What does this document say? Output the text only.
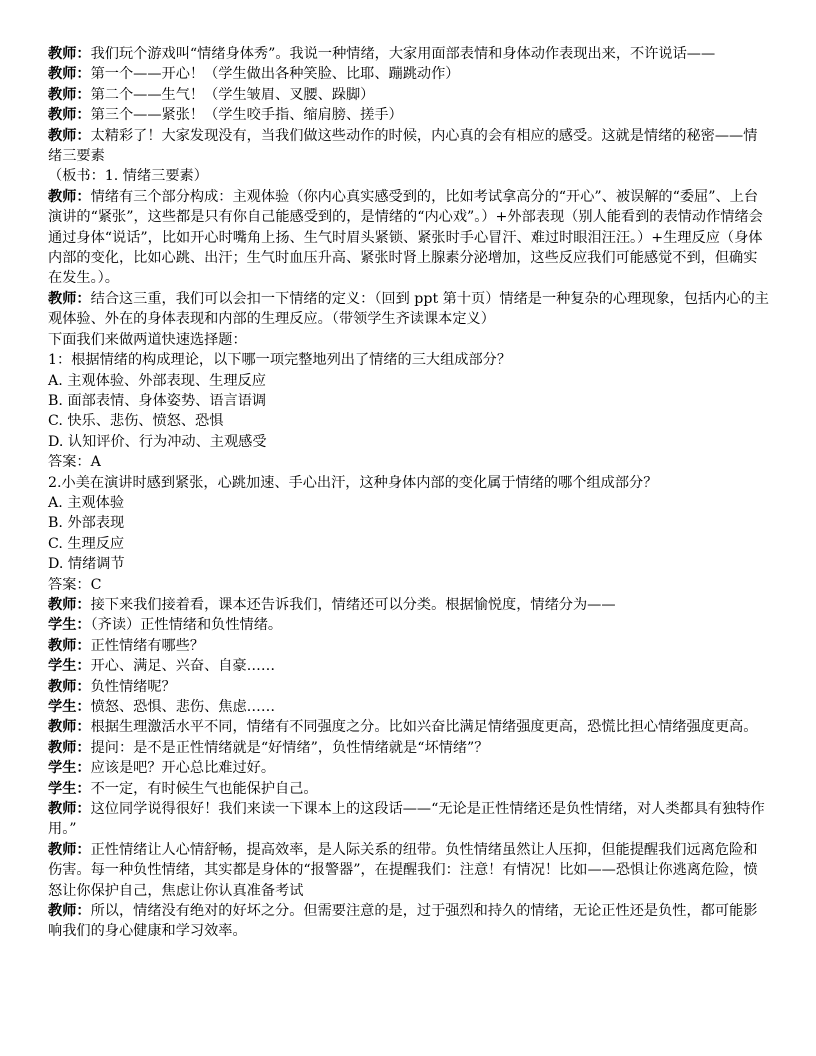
教师：我们玩个游戏叫“情绪身体秀”。我说一种情绪，大家用面部表情和身体动作表现出来，不许说话——

教师：第一个——开心！（学生做出各种笑脸、比耶、蹦跳动作）

教师：第二个——生气！（学生皱眉、叉腰、跺脚）

教师：第三个——紧张！（学生咬手指、缩肩膀、搓手）

教师：太精彩了！大家发现没有，当我们做这些动作的时候，内心真的会有相应的感受。这就是情绪的秘密——情绪三要素

（板书：1. 情绪三要素）

教师：情绪有三个部分构成：主观体验（你内心真实感受到的，比如考试拿高分的“开心”、被误解的“委屈”、上台演讲的“紧张”，这些都是只有你自己能感受到的，是情绪的“内心戏”。）+外部表现（别人能看到的表情动作情绪会通过身体“说话”，比如开心时嘴角上扬、生气时眉头紧锁、紧张时手心冒汗、难过时眼泪汪汪。）+生理反应（身体内部的变化，比如心跳、出汗；生气时血压升高、紧张时肾上腺素分泌增加，这些反应我们可能感觉不到，但确实在发生。）。

教师：结合这三重，我们可以会扣一下情绪的定义：（回到 ppt 第十页）情绪是一种复杂的心理现象，包括内心的主观体验、外在的身体表现和内部的生理反应。（带领学生齐读课本定义）

下面我们来做两道快速选择题：

1：根据情绪的构成理论，以下哪一项完整地列出了情绪的三大组成部分？

A. 主观体验、外部表现、生理反应

B. 面部表情、身体姿势、语言语调

C. 快乐、悲伤、愤怒、恐惧

D. 认知评价、行为冲动、主观感受

答案：A

2.小美在演讲时感到紧张，心跳加速、手心出汗，这种身体内部的变化属于情绪的哪个组成部分？

A. 主观体验

B. 外部表现

C. 生理反应

D. 情绪调节

答案：C

教师：接下来我们接着看，课本还告诉我们，情绪还可以分类。根据愉悦度，情绪分为——

学生：（齐读）正性情绪和负性情绪。

教师：正性情绪有哪些？

学生：开心、满足、兴奋、自豪……

教师：负性情绪呢？

学生：愤怒、恐惧、悲伤、焦虑……

教师：根据生理激活水平不同，情绪有不同强度之分。比如兴奋比满足情绪强度更高，恐慌比担心情绪强度更高。

教师：提问：是不是正性情绪就是“好情绪”，负性情绪就是“坏情绪”？

学生：应该是吧？开心总比难过好。

学生：不一定，有时候生气也能保护自己。

教师：这位同学说得很好！我们来读一下课本上的这段话——“无论是正性情绪还是负性情绪，对人类都具有独特作用。”

教师：正性情绪让人心情舒畅，提高效率，是人际关系的纽带。负性情绪虽然让人压抑，但能提醒我们远离危险和伤害。每一种负性情绪，其实都是身体的“报警器”，在提醒我们：注意！有情况！比如——恐惧让你逃离危险，愤怒让你保护自己，焦虑让你认真准备考试

教师：所以，情绪没有绝对的好坏之分。但需要注意的是，过于强烈和持久的情绪，无论正性还是负性，都可能影响我们的身心健康和学习效率。
